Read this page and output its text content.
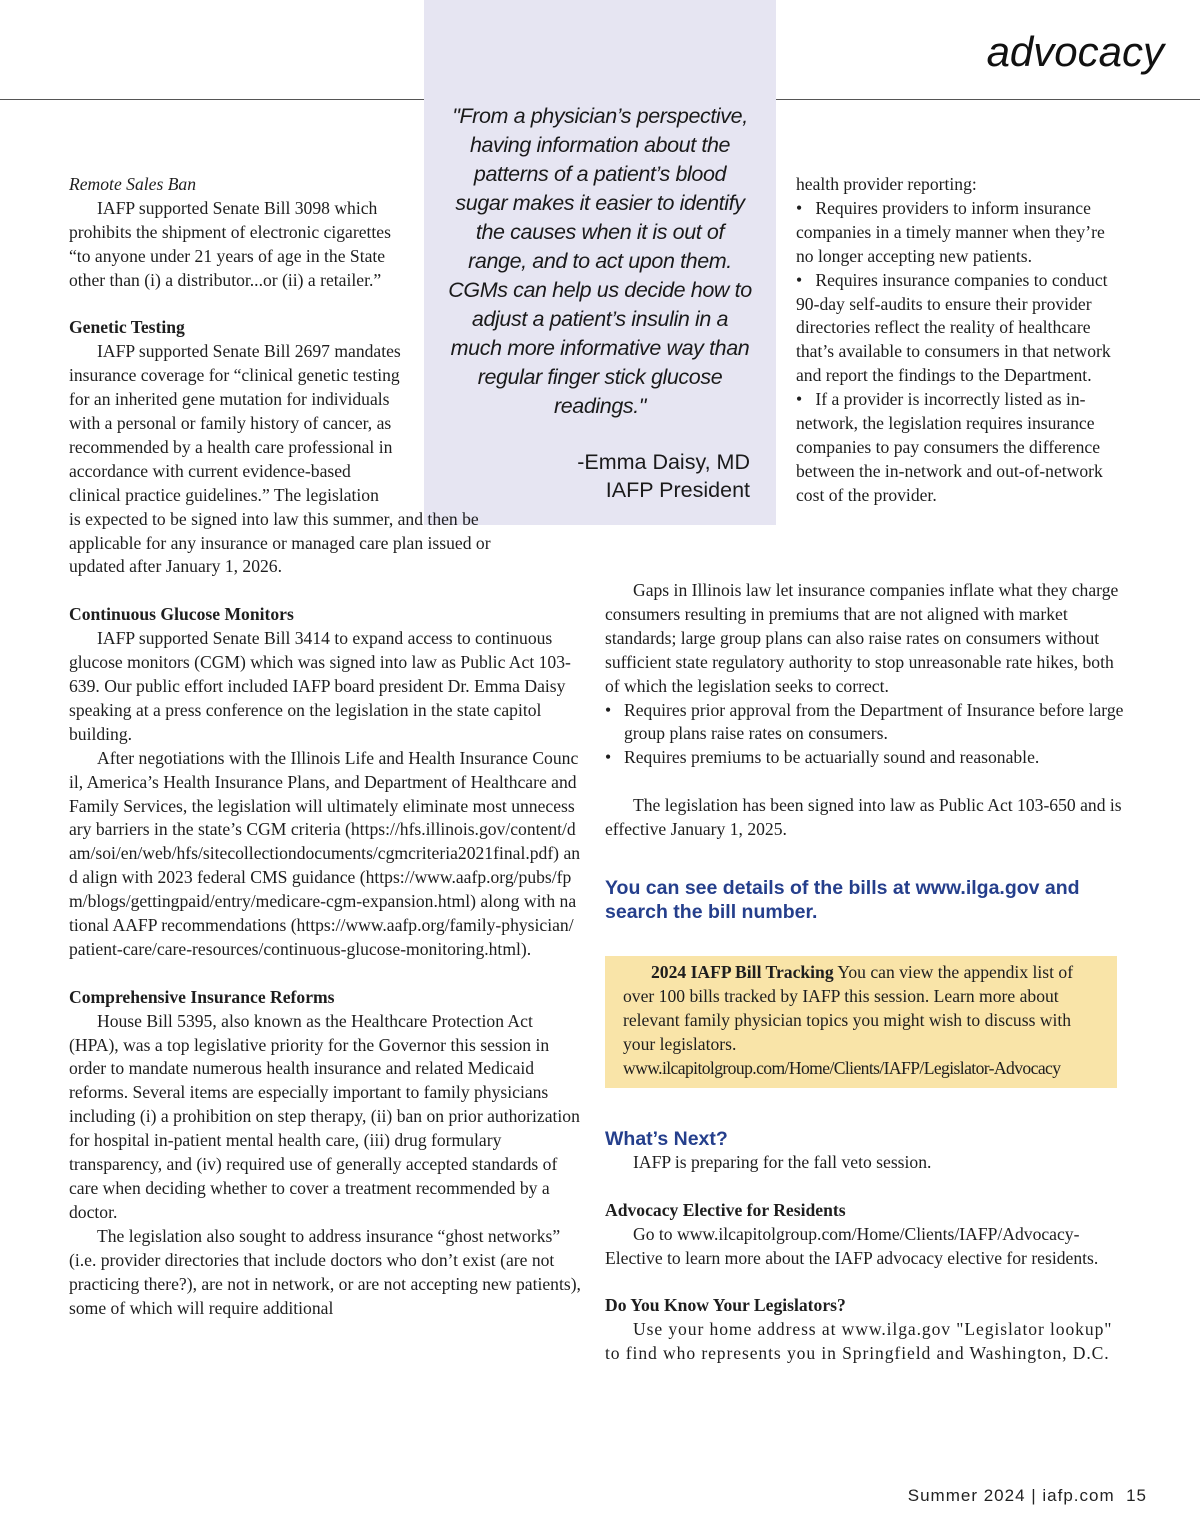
advocacy
"From a physician’s perspective, having information about the patterns of a patient’s blood sugar makes it easier to identify the causes when it is out of range, and to act upon them. CGMs can help us decide how to adjust a patient’s insulin in a much more informative way than regular finger stick glucose readings."
-Emma Daisy, MD
IAFP President

Remote Sales Ban

IAFP supported Senate Bill 3098 which prohibits the shipment of electronic cigarettes “to anyone under 21 years of age in the State other than (i) a distributor...or (ii) a retailer.”

Genetic Testing

IAFP supported Senate Bill 2697 mandates insurance coverage for “clinical genetic testing for an inherited gene mutation for individuals with a personal or family history of cancer, as recommended by a health care professional in accordance with current evidence-based clinical practice guidelines.” The legislation

is expected to be signed into law this summer, and then be applicable for any insurance or managed care plan issued or updated after January 1, 2026.

Continuous Glucose Monitors

IAFP supported Senate Bill 3414 to expand access to continuous glucose monitors (CGM) which was signed into law as Public Act 103-639. Our public effort included IAFP board president Dr. Emma Daisy speaking at a press conference on the legislation in the state capitol building.

After negotiations with the Illinois Life and Health Insurance Council, America’s Health Insurance Plans, and Department of Healthcare and Family Services, the legislation will ultimately eliminate most unnecessary barriers in the state’s CGM criteria (https://hfs.illinois.gov/content/dam/soi/en/web/hfs/sitecollectiondocuments/cgmcriteria2021final.pdf) and align with 2023 federal CMS guidance (https://www.aafp.org/pubs/fpm/blogs/gettingpaid/entry/medicare-cgm-expansion.html) along with national AAFP recommendations (https://www.aafp.org/family-physician/patient-care/care-resources/continuous-glucose-monitoring.html).

Comprehensive Insurance Reforms

House Bill 5395, also known as the Healthcare Protection Act (HPA), was a top legislative priority for the Governor this session in order to mandate numerous health insurance and related Medicaid reforms. Several items are especially important to family physicians including (i) a prohibition on step therapy, (ii) ban on prior authorization for hospital in-patient mental health care, (iii) drug formulary transparency, and (iv) required use of generally accepted standards of care when deciding whether to cover a treatment recommended by a doctor.

The legislation also sought to address insurance “ghost networks” (i.e. provider directories that include doctors who don’t exist (are not practicing there?), are not in network, or are not accepting new patients), some of which will require additional

health provider reporting:

•   Requires providers to inform insurance companies in a timely manner when they’re no longer accepting new patients.

•   Requires insurance companies to conduct 90-day self-audits to ensure their provider directories reflect the reality of healthcare that’s available to consumers in that network and report the findings to the Department.

•   If a provider is incorrectly listed as in-network, the legislation requires insurance companies to pay consumers the difference between the in-network and out-of-network cost of the provider.

Gaps in Illinois law let insurance companies inflate what they charge consumers resulting in premiums that are not aligned with market standards; large group plans can also raise rates on consumers without sufficient state regulatory authority to stop unreasonable rate hikes, both of which the legislation seeks to correct.

• Requires prior approval from the Department of Insurance before large group plans raise rates on consumers.

• Requires premiums to be actuarially sound and reasonable.

The legislation has been signed into law as Public Act 103-650 and is effective January 1, 2025.

You can see details of the bills at www.ilga.gov and search the bill number.

2024 IAFP Bill Tracking You can view the appendix list of over 100 bills tracked by IAFP this session. Learn more about relevant family physician topics you might wish to discuss with your legislators. www.ilcapitolgroup.com/Home/Clients/IAFP/Legislator-Advocacy

What’s Next?

IAFP is preparing for the fall veto session.

Advocacy Elective for Residents

Go to www.ilcapitolgroup.com/Home/Clients/IAFP/Advocacy-Elective to learn more about the IAFP advocacy elective for residents.

Do You Know Your Legislators?

Use your home address at www.ilga.gov "Legislator lookup" to find who represents you in Springfield and Washington, D.C.

Summer 2024 | iafp.com  15
